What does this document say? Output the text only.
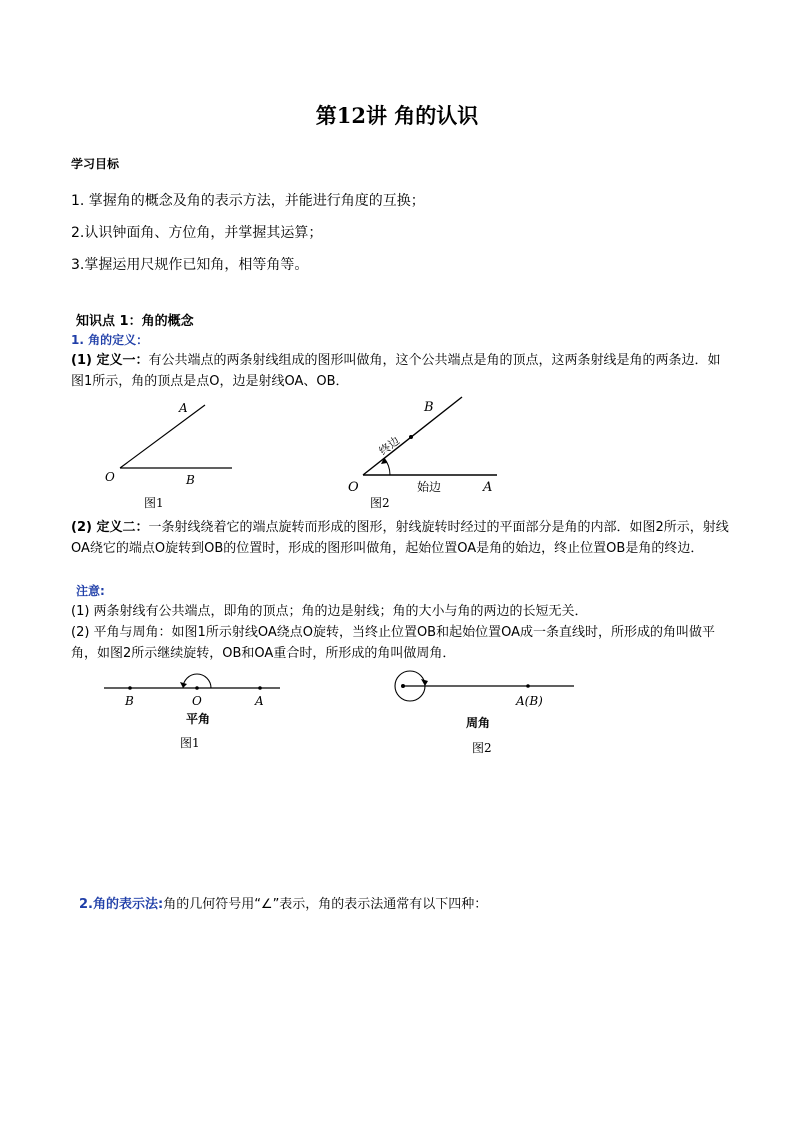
第12讲 角的认识
学习目标
1. 掌握角的概念及角的表示方法，并能进行角度的互换；
2.认识钟面角、方位角，并掌握其运算；
3.掌握运用尺规作已知角，相等角等。
知识点 1：角的概念
1. 角的定义：
(1) 定义一：有公共端点的两条射线组成的图形叫做角，这个公共端点是角的顶点，这两条射线是角的两条边．如图1所示，角的顶点是点O，边是射线OA、OB．
A
O	B
图1
B
O	A
终边
始边
图2
(2) 定义二：一条射线绕着它的端点旋转而形成的图形，射线旋转时经过的平面部分是角的内部．如图2所示，射线OA绕它的端点O旋转到OB的位置时，形成的图形叫做角，起始位置OA是角的始边，终止位置OB是角的终边．
注意:
(1) 两条射线有公共端点，即角的顶点；角的边是射线；角的大小与角的两边的长短无关．
(2) 平角与周角：如图1所示射线OA绕点O旋转，当终止位置OB和起始位置OA成一条直线时，所形成的角叫做平角，如图2所示继续旋转，OB和OA重合时，所形成的角叫做周角．
B	O	A
平角
图1
A(B)
周角
图2
2.角的表示法:角的几何符号用“∠”表示，角的表示法通常有以下四种：
